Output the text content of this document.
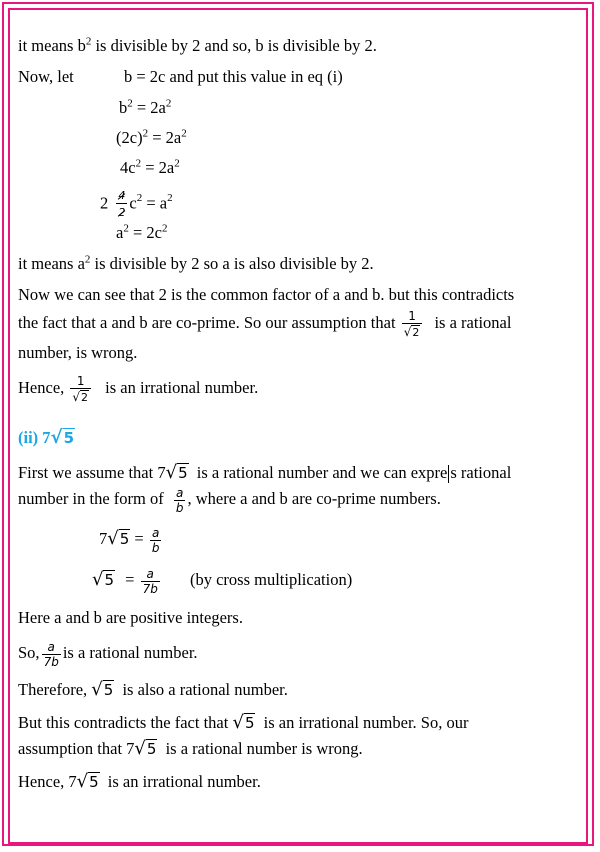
it means $b^2$ is divisible by 2 and so, b is divisible by 2.
Now, let	b = 2c and put this value in eq (i)
$b^2 = 2a^2$
$(2c)^2 = 2a^2$
$4c^2 = 2a^2$
$2 \frac{4}{2} c^2 = a^2$
$a^2 = 2c^2$
it means $a^2$ is divisible by 2 so a is also divisible by 2.
Now we can see that 2 is the common factor of a and b. but this contradicts
the fact that a and b are co-prime. So our assumption that $\frac{1}{√2}$ is a rational
number, is wrong.
Hence, $\frac{1}{√2}$ is an irrational number.
(ii) 7√5
First we assume that 7√5 is a rational number and we can expre s rational
number in the form of $\frac{a}{b}$ , where a and b are co-prime numbers.
$7√5 = \frac{a}{b}$
$√5 = \frac{a}{7b} (by$ cross multiplication)
Here a and b are positive integers.
So, $\frac{a}{7b}$ is a rational number.
Therefore, √5 is also a rational number.
But this contradicts the fact that √5 is an irrational number. So, our
assumption that 7√5 is a rational number is wrong.
Hence, 7√5 is an irrational number.
